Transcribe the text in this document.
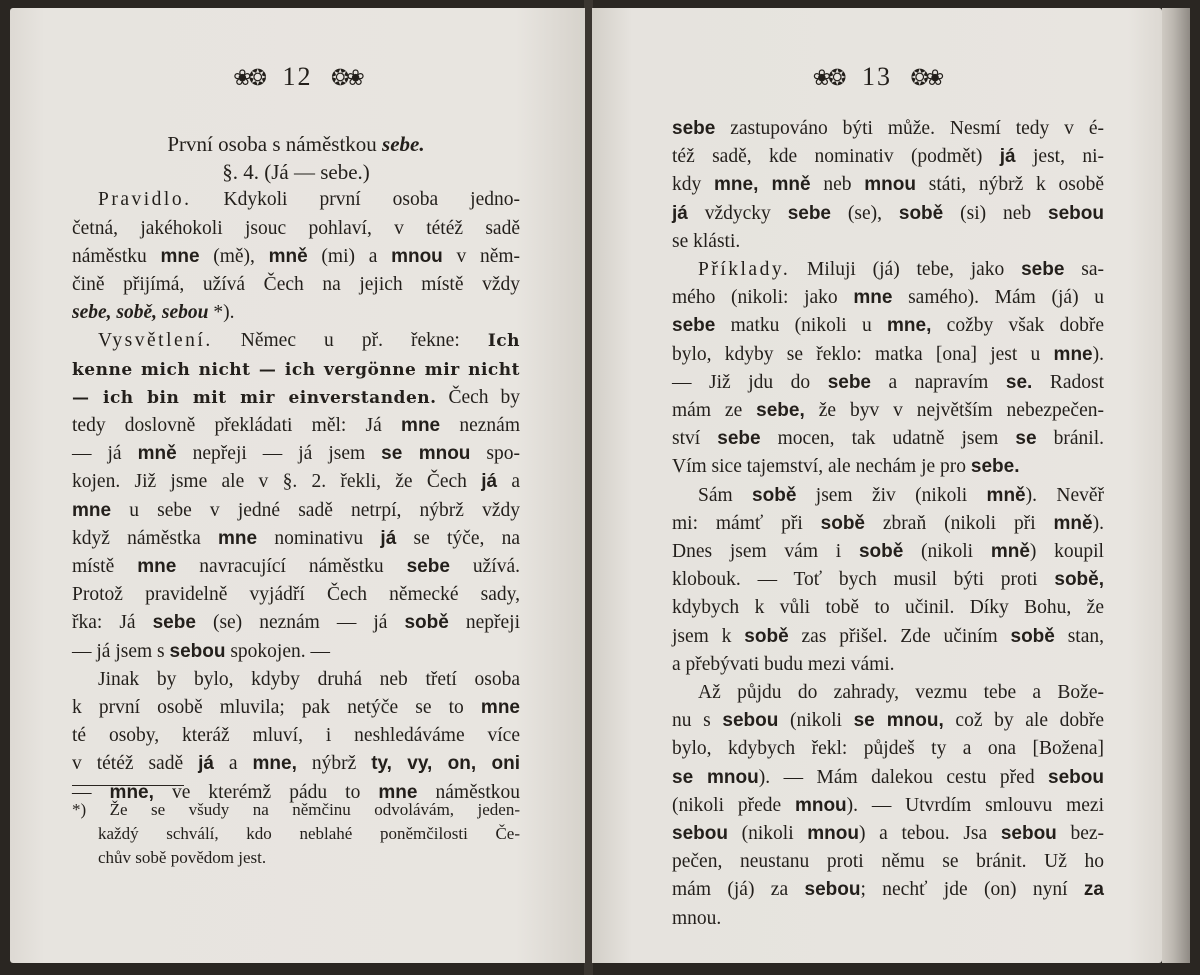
❀❂ 12 ❂❀
První osoba s náměstkou sebe.
§. 4. (Já — sebe.)
Pravidlo. Kdykoli první osoba jedno-
četná, jakéhokoli jsouc pohlaví, v tétéž sadě
náměstku mne (mě), mně (mi) a mnou v něm-
čině přijímá, užívá Čech na jejich místě vždy
sebe, sobě, sebou *).
Vysvětlení. Němec u př. řekne: Ich
kenne mich nicht — ich vergönne mir nicht
— ich bin mit mir einverstanden. Čech by
tedy doslovně překládati měl: Já mne neznám
— já mně nepřeji — já jsem se mnou spo-
kojen. Již jsme ale v §. 2. řekli, že Čech já a
mne u sebe v jedné sadě netrpí, nýbrž vždy
když náměstka mne nominativu já se týče, na
místě mne navracující náměstku sebe užívá.
Protož pravidelně vyjádří Čech německé sady,
řka: Já sebe (se) neznám — já sobě nepřeji
— já jsem s sebou spokojen. —
Jinak by bylo, kdyby druhá neb třetí osoba
k první osobě mluvila; pak netýče se to mne
té osoby, kteráž mluví, i neshledáváme více
v tétéž sadě já a mne, nýbrž ty, vy, on, oni
— mne, ve kterémž pádu to mne náměstkou
*) Že se všudy na němčinu odvolávám, jeden-
každý schválí, kdo neblahé poněmčilosti Če-
chův sobě povědom jest.
❀❂ 13 ❂❀
sebe zastupováno býti může. Nesmí tedy v é-
též sadě, kde nominativ (podmět) já jest, ni-
kdy mne, mně neb mnou státi, nýbrž k osobě
já vždycky sebe (se), sobě (si) neb sebou
se klásti.
Příklady. Miluji (já) tebe, jako sebe sa-
mého (nikoli: jako mne samého). Mám (já) u
sebe matku (nikoli u mne, cožby však dobře
bylo, kdyby se řeklo: matka [ona] jest u mne).
— Již jdu do sebe a napravím se. Radost
mám ze sebe, že byv v největším nebezpečen-
ství sebe mocen, tak udatně jsem se bránil.
Vím sice tajemství, ale nechám je pro sebe.
Sám sobě jsem živ (nikoli mně). Nevěř
mi: mámť při sobě zbraň (nikoli při mně).
Dnes jsem vám i sobě (nikoli mně) koupil
klobouk. — Toť bych musil býti proti sobě,
kdybych k vůli tobě to učinil. Díky Bohu, že
jsem k sobě zas přišel. Zde učiním sobě stan,
a přebývati budu mezi vámi.
Až půjdu do zahrady, vezmu tebe a Bože-
nu s sebou (nikoli se mnou, což by ale dobře
bylo, kdybych řekl: půjdeš ty a ona [Božena]
se mnou). — Mám dalekou cestu před sebou
(nikoli přede mnou). — Utvrdím smlouvu mezi
sebou (nikoli mnou) a tebou. Jsa sebou bez-
pečen, neustanu proti němu se bránit. Už ho
mám (já) za sebou; nechť jde (on) nyní za
mnou.
